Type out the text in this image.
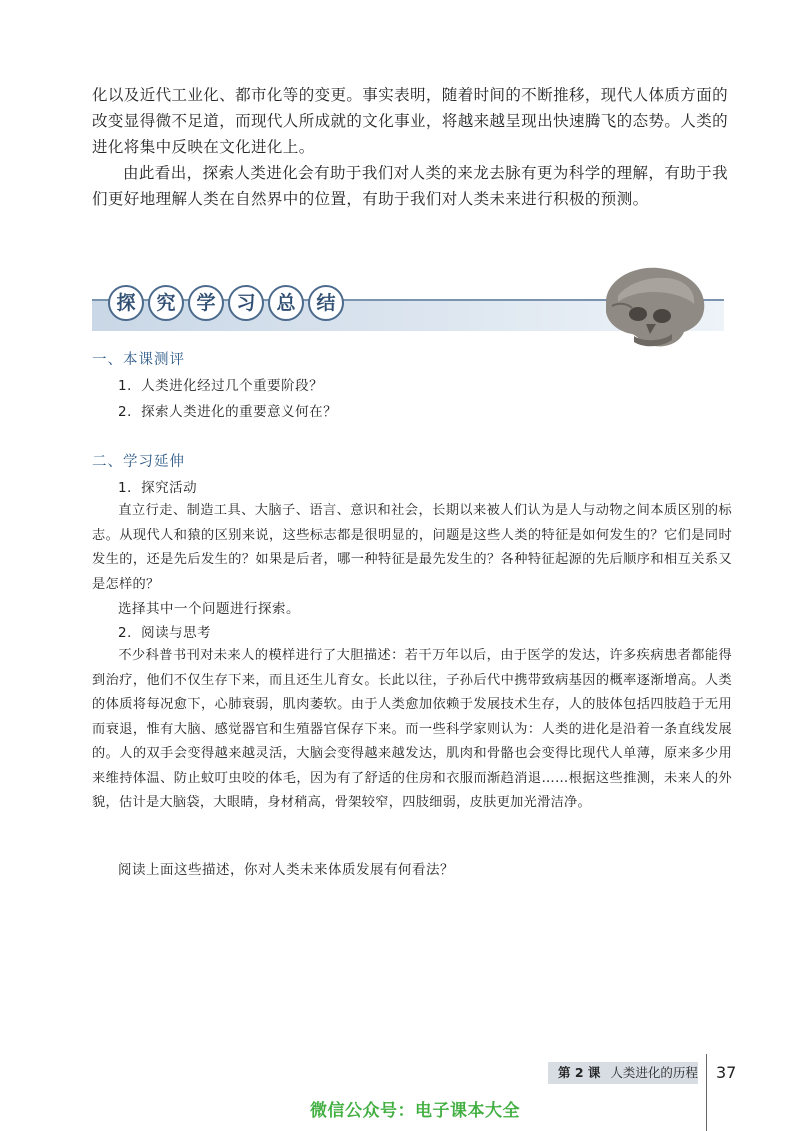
化以及近代工业化、都市化等的变更。事实表明，随着时间的不断推移，现代人体质方面的改变显得微不足道，而现代人所成就的文化事业，将越来越呈现出快速腾飞的态势。人类的进化将集中反映在文化进化上。

由此看出，探索人类进化会有助于我们对人类的来龙去脉有更为科学的理解，有助于我们更好地理解人类在自然界中的位置，有助于我们对人类未来进行积极的预测。

探	究	学	习	总	结
一、本课测评
1．人类进化经过几个重要阶段？
2．探索人类进化的重要意义何在？
二、学习延伸
1．探究活动

直立行走、制造工具、大脑子、语言、意识和社会，长期以来被人们认为是人与动物之间本质区别的标志。从现代人和猿的区别来说，这些标志都是很明显的，问题是这些人类的特征是如何发生的？它们是同时发生的，还是先后发生的？如果是后者，哪一种特征是最先发生的？各种特征起源的先后顺序和相互关系又是怎样的？

选择其中一个问题进行探索。
2．阅读与思考

不少科普书刊对未来人的模样进行了大胆描述：若干万年以后，由于医学的发达，许多疾病患者都能得到治疗，他们不仅生存下来，而且还生儿育女。长此以往，子孙后代中携带致病基因的概率逐渐增高。人类的体质将每况愈下，心肺衰弱，肌肉萎软。由于人类愈加依赖于发展技术生存，人的肢体包括四肢趋于无用而衰退，惟有大脑、感觉器官和生殖器官保存下来。而一些科学家则认为：人类的进化是沿着一条直线发展的。人的双手会变得越来越灵活，大脑会变得越来越发达，肌肉和骨骼也会变得比现代人单薄，原来多少用来维持体温、防止蚊叮虫咬的体毛，因为有了舒适的住房和衣服而渐趋消退……根据这些推测，未来人的外貌，估计是大脑袋，大眼睛，身材稍高，骨架较窄，四肢细弱，皮肤更加光滑洁净。

阅读上面这些描述，你对人类未来体质发展有何看法？
第 2 课 人类进化的历程 37
微信公众号：电子课本大全
